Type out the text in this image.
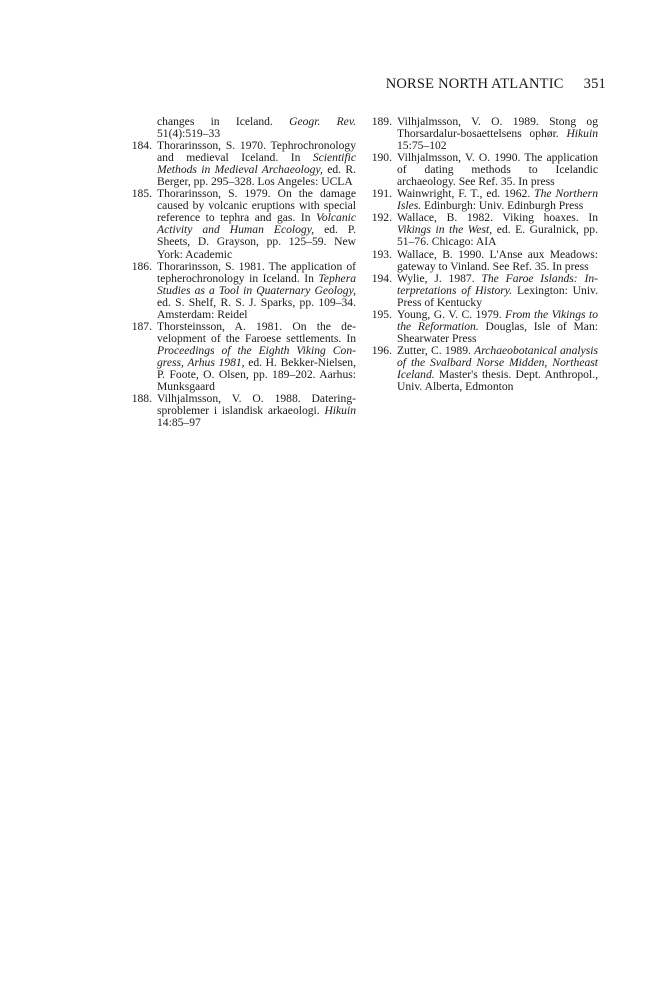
NORSE NORTH ATLANTIC 351
changes in Iceland. Geogr. Rev. 51(4):519–33

184. Thorarinsson, S. 1970. Tephrochronology and medieval Iceland. In Scientific Methods in Medieval Archaeology, ed. R. Berger, pp. 295–328. Los Angeles: UCLA

185. Thorarinsson, S. 1979. On the damage caused by volcanic eruptions with special reference to tephra and gas. In Volcanic Activity and Human Ecology, ed. P. Sheets, D. Grayson, pp. 125–59. New York: Academic

186. Thorarinsson, S. 1981. The application of tepherochronology in Iceland. In Tephera Studies as a Tool in Quaternary Geology, ed. S. Shelf, R. S. J. Sparks, pp. 109–34. Amsterdam: Reidel

187. Thorsteinsson, A. 1981. On the development of the Faroese settlements. In Proceedings of the Eighth Viking Congress, Arhus 1981, ed. H. Bekker-Nielsen, P. Foote, O. Olsen, pp. 189–202. Aarhus: Munksgaard

188. Vilhjalmsson, V. O. 1988. Dateringsproblemer i islandisk arkaeologi. Hikuin 14:85–97

189. Vilhjalmsson, V. O. 1989. Stong og Thorsardalur-bosaettelsens ophør. Hikuin 15:75–102

190. Vilhjalmsson, V. O. 1990. The application of dating methods to Icelandic archaeology. See Ref. 35. In press

191. Wainwright, F. T., ed. 1962. The Northern Isles. Edinburgh: Univ. Edinburgh Press

192. Wallace, B. 1982. Viking hoaxes. In Vikings in the West, ed. E. Guralnick, pp. 51–76. Chicago: AIA

193. Wallace, B. 1990. L'Anse aux Meadows: gateway to Vinland. See Ref. 35. In press

194. Wylie, J. 1987. The Faroe Islands: Interpretations of History. Lexington: Univ. Press of Kentucky

195. Young, G. V. C. 1979. From the Vikings to the Reformation. Douglas, Isle of Man: Shearwater Press

196. Zutter, C. 1989. Archaeobotanical analysis of the Svalbard Norse Midden, Northeast Iceland. Master's thesis. Dept. Anthropol., Univ. Alberta, Edmonton
